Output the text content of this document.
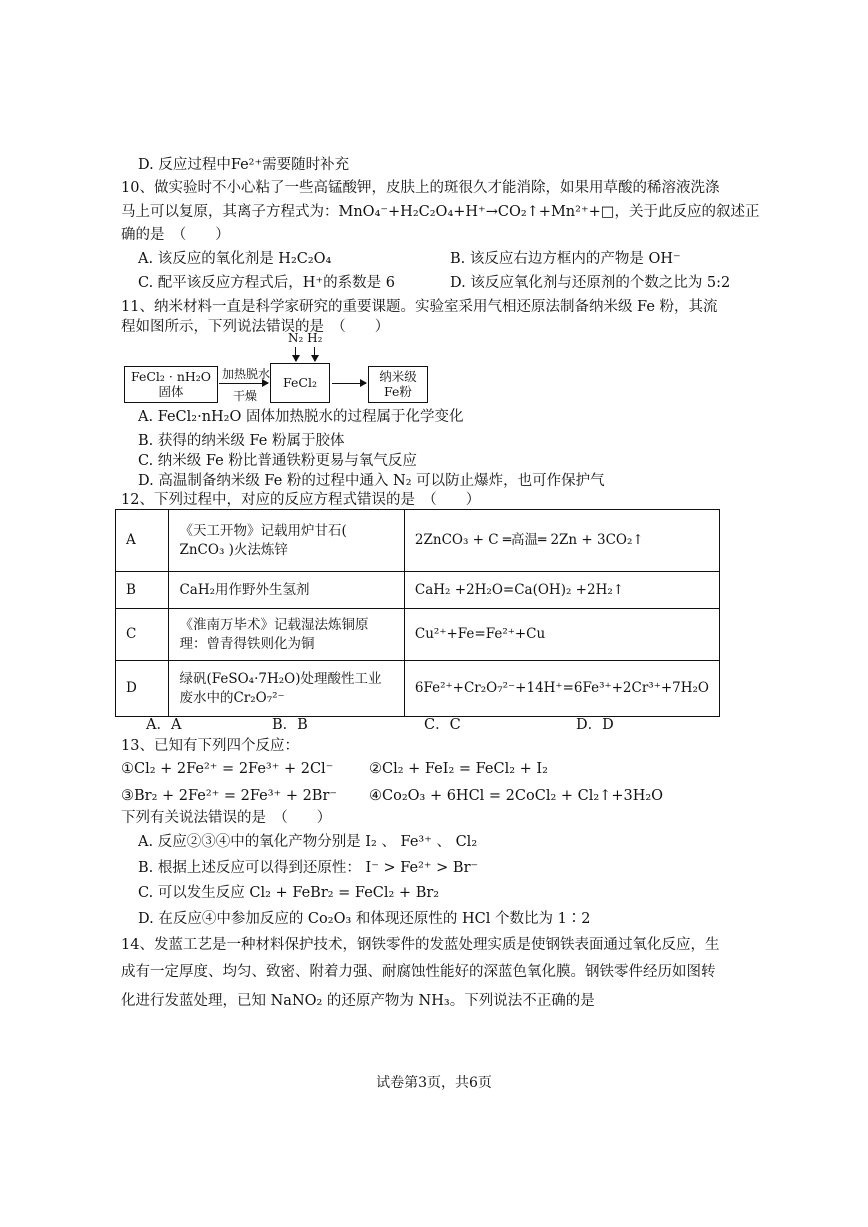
D. 反应过程中Fe²⁺需要随时补充
10、做实验时不小心粘了一些高锰酸钾，皮肤上的斑很久才能消除，如果用草酸的稀溶液洗涤
马上可以复原，其离子方程式为：MnO₄⁻+H₂C₂O₄+H⁺→CO₂↑+Mn²⁺+□，关于此反应的叙述正
确的是　（　　）
A. 该反应的氧化剂是 H₂C₂O₄	B. 该反应右边方框内的产物是 OH⁻
C. 配平该反应方程式后，H⁺的系数是 6	D. 该反应氧化剂与还原剂的个数之比为 5:2
11、纳米材料一直是科学家研究的重要课题。实验室采用气相还原法制备纳米级 Fe 粉，其流
程如图所示，下列说法错误的是　（　　）
N₂ H₂
FeCl₂ · nH₂O
固体
加热脱水
干燥
FeCl₂	纳米级
Fe粉
A. FeCl₂·nH₂O 固体加热脱水的过程属于化学变化
B. 获得的纳米级 Fe 粉属于胶体
C. 纳米级 Fe 粉比普通铁粉更易与氧气反应
D. 高温制备纳米级 Fe 粉的过程中通入 N₂ 可以防止爆炸，也可作保护气
12、下列过程中，对应的反应方程式错误的是　（　　）
A	《天工开物》记载用炉甘石( ZnCO₃ )火法炼锌	2ZnCO₃ + C ═高温═ 2Zn + 3CO₂↑
B	CaH₂用作野外生氢剂	CaH₂ +2H₂O=Ca(OH)₂ +2H₂↑
C	《淮南万毕术》记载湿法炼铜原理：曾青得铁则化为铜	Cu²⁺+Fe=Fe²⁺+Cu
D	绿矾(FeSO₄·7H₂O)处理酸性工业废水中的Cr₂O₇²⁻	6Fe²⁺+Cr₂O₇²⁻+14H⁺=6Fe³⁺+2Cr³⁺+7H₂O
A．A	B．B	C．C	D．D
13、已知有下列四个反应：
①Cl₂ + 2Fe²⁺ = 2Fe³⁺ + 2Cl⁻ ②Cl₂ + FeI₂ = FeCl₂ + I₂
③Br₂ + 2Fe²⁺ = 2Fe³⁺ + 2Br⁻ ④Co₂O₃ + 6HCl = 2CoCl₂ + Cl₂↑+3H₂O
下列有关说法错误的是　（　　）
A. 反应②③④中的氧化产物分别是 I₂ 、 Fe³⁺ 、 Cl₂
B. 根据上述反应可以得到还原性： I⁻ > Fe²⁺ > Br⁻
C. 可以发生反应 Cl₂ + FeBr₂ = FeCl₂ + Br₂
D. 在反应④中参加反应的 Co₂O₃ 和体现还原性的 HCl 个数比为 1∶2
14、发蓝工艺是一种材料保护技术，钢铁零件的发蓝处理实质是使钢铁表面通过氧化反应，生
成有一定厚度、均匀、致密、附着力强、耐腐蚀性能好的深蓝色氧化膜。钢铁零件经历如图转
化进行发蓝处理，已知 NaNO₂ 的还原产物为 NH₃。下列说法不正确的是
试卷第3页，共6页
